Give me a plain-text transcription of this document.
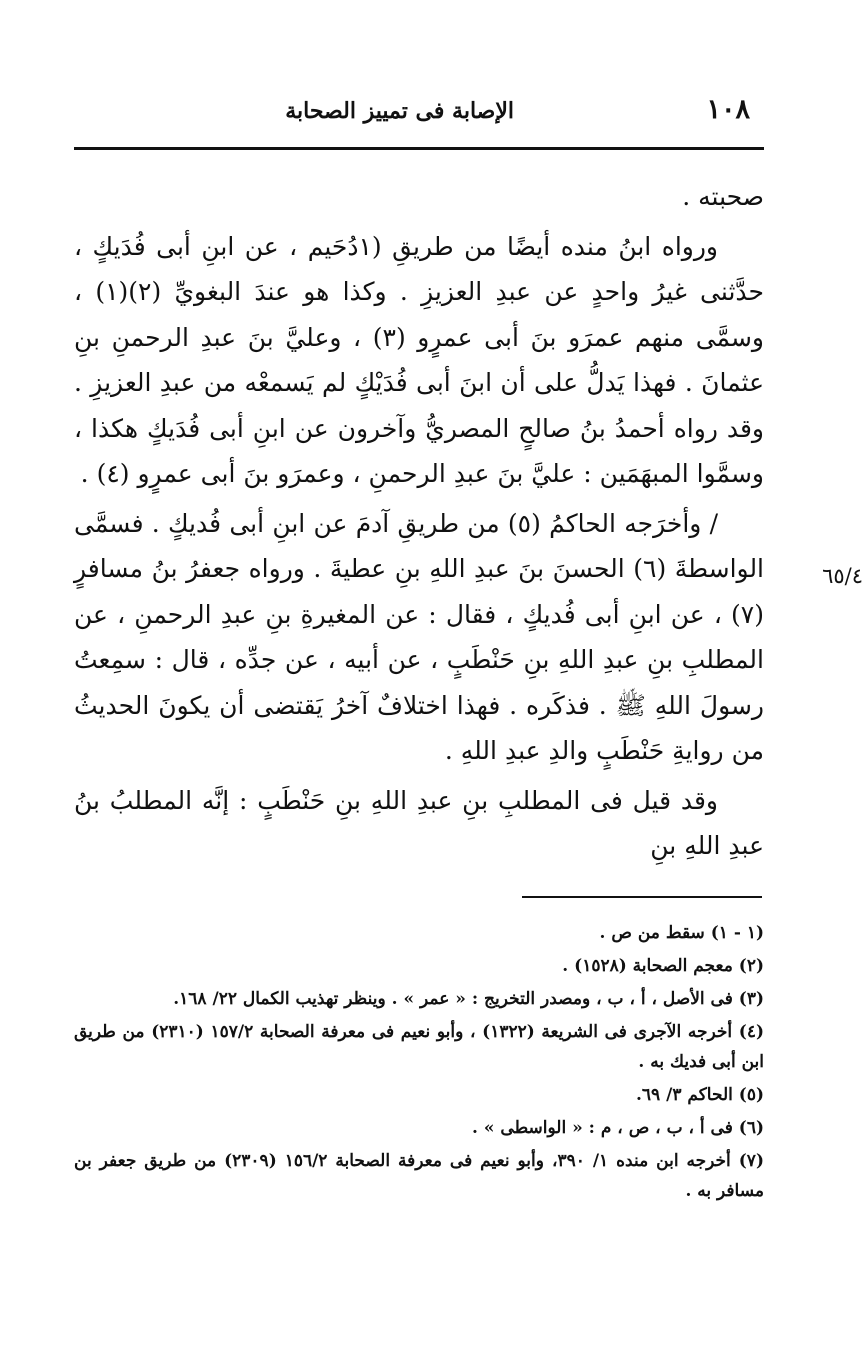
١٠٨
الإصابة فى تمييز الصحابة
٦٥/٤

صحبته .

ورواه ابنُ منده أيضًا من طريقِ (١دُحَيم ، عن ابنِ أبى فُدَيكٍ ، حدَّثنى غيرُ واحدٍ عن عبدِ العزيزِ . وكذا هو عندَ البغويِّ (٢)(١) ، وسمَّى منهم عمرَو بنَ أبى عمرٍو (٣) ، وعليَّ بنَ عبدِ الرحمنِ بنِ عثمانَ . فهذا يَدلُّ على أن ابنَ أبى فُدَيْكٍ لم يَسمعْه من عبدِ العزيزِ . وقد رواه أحمدُ بنُ صالحٍ المصريُّ وآخرون عن ابنِ أبى فُدَيكٍ هكذا ، وسمَّوا المبهَمَين : عليَّ بنَ عبدِ الرحمنِ ، وعمرَو بنَ أبى عمرٍو (٤) .

/ وأخرَجه الحاكمُ (٥) من طريقِ آدمَ عن ابنِ أبى فُديكٍ . فسمَّى الواسطةَ (٦) الحسنَ بنَ عبدِ اللهِ بنِ عطيةَ . ورواه جعفرُ بنُ مسافرٍ (٧) ، عن ابنِ أبى فُديكٍ ، فقال : عن المغيرةِ بنِ عبدِ الرحمنِ ، عن المطلبِ بنِ عبدِ اللهِ بنِ حَنْطَبٍ ، عن أبيه ، عن جدِّه ، قال : سمِعتُ رسولَ اللهِ ﷺ . فذكَره . فهذا اختلافٌ آخرُ يَقتضى أن يكونَ الحديثُ من روايةِ حَنْطَبٍ والدِ عبدِ اللهِ .

وقد قيل فى المطلبِ بنِ عبدِ اللهِ بنِ حَنْطَبٍ : إنَّه المطلبُ بنُ عبدِ اللهِ بنِ

(١ - ١) سقط من ص .

(٢) معجم الصحابة (١٥٢٨) .

(٣) فى الأصل ، أ ، ب ، ومصدر التخريج : « عمر » . وينظر تهذيب الكمال ٢٢/ ١٦٨.

(٤) أخرجه الآجرى فى الشريعة (١٣٢٢) ، وأبو نعيم فى معرفة الصحابة ١٥٧/٢ (٢٣١٠) من طريق ابن أبى فديك به .

(٥) الحاكم ٣/ ٦٩.

(٦) فى أ ، ب ، ص ، م : « الواسطى » .

(٧) أخرجه ابن منده ١/ ٣٩٠، وأبو نعيم فى معرفة الصحابة ١٥٦/٢ (٢٣٠٩) من طريق جعفر بن مسافر به .
